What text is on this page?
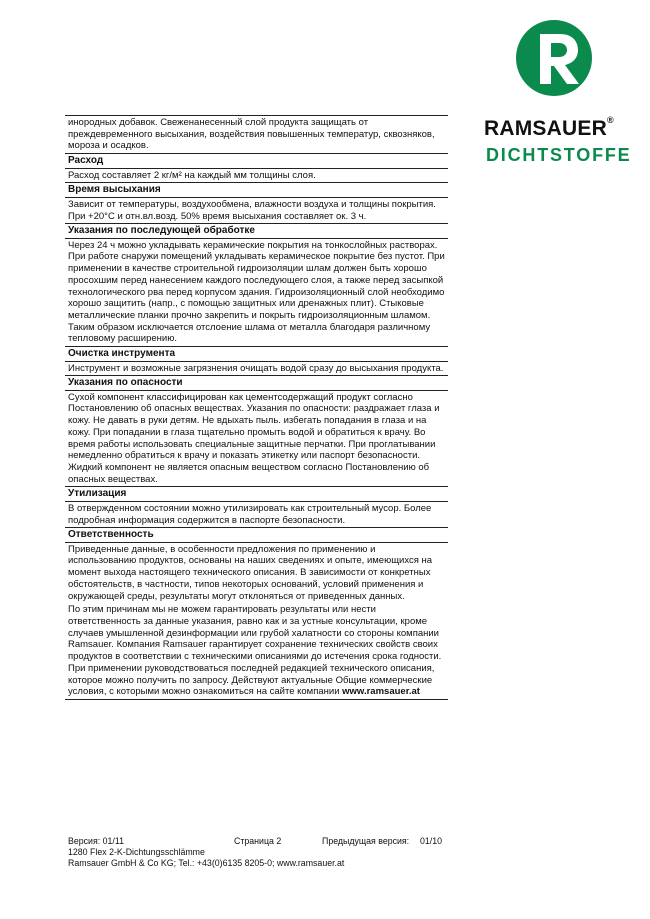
RAMSAUER®
DICHTSTOFFE

инородных добавок. Свеженанесенный слой продукта защищать от преждевременного высыхания, воздействия повышенных температур, сквозняков, мороза и осадков.

Расход

Расход составляет 2 кг/м² на каждый мм толщины слоя.

Время высыхания

Зависит от температуры, воздухообмена, влажности воздуха и толщины покрытия. При +20°C и отн.вл.возд. 50% время высыхания составляет ок. 3 ч.

Указания по последующей обработке

Через 24 ч можно укладывать керамические покрытия на тонкослойных растворах. При работе снаружи помещений укладывать керамическое покрытие без пустот. При применении в качестве строительной гидроизоляции шлам должен быть хорошо просохшим перед нанесением каждого последующего слоя, а также перед засыпкой технологического рва перед корпусом здания. Гидроизоляционный слой необходимо хорошо защитить (напр., с помощью защитных или дренажных плит). Стыковые металлические планки прочно закрепить и покрыть гидроизоляционным шламом. Таким образом исключается отслоение шлама от металла благодаря различному тепловому расширению.

Очистка инструмента

Инструмент и возможные загрязнения очищать водой сразу до высыхания продукта.

Указания по опасности

Сухой компонент классифицирован как цементсодержащий продукт согласно Постановлению об опасных веществах. Указания по опасности: раздражает глаза и кожу. Не давать в руки детям. Не вдыхать пыль. избегать попадания в глаза и на кожу. При попадании в глаза тщательно промыть водой и обратиться к врачу. Во время работы использовать специальные защитные перчатки. При проглатывании немедленно обратиться к врачу и показать этикетку или паспорт безопасности. Жидкий компонент не является опасным веществом согласно Постановлению об опасных веществах.

Утилизация

В отвержденном состоянии можно утилизировать как строительный мусор. Более подробная информация содержится в паспорте безопасности.

Ответственность

Приведенные данные, в особенности предложения по применению и использованию продуктов, основаны на наших сведениях и опыте, имеющихся на момент выхода настоящего технического описания. В зависимости от конкретных обстоятельств, в частности, типов некоторых оснований, условий применения и окружающей среды, результаты могут отклоняться от приведенных данных.

По этим причинам мы не можем гарантировать результаты или нести ответственность за данные указания, равно как и за устные консультации, кроме случаев умышленной дезинформации или грубой халатности со стороны компании Ramsauer. Компания Ramsauer гарантирует сохранение технических свойств своих продуктов в соответствии с техническими описаниями до истечения срока годности. При применении руководствоваться последней редакцией технического описания, которое можно получить по запросу. Действуют актуальные Общие коммерческие условия, с которыми можно ознакомиться на сайте компании www.ramsauer.at

Версия: 01/11	Страница 2	Предыдущая версия: 01/10
1280 Flex 2-K-Dichtungsschlämme
Ramsauer GmbH & Co KG; Tel.: +43(0)6135 8205-0; www.ramsauer.at
